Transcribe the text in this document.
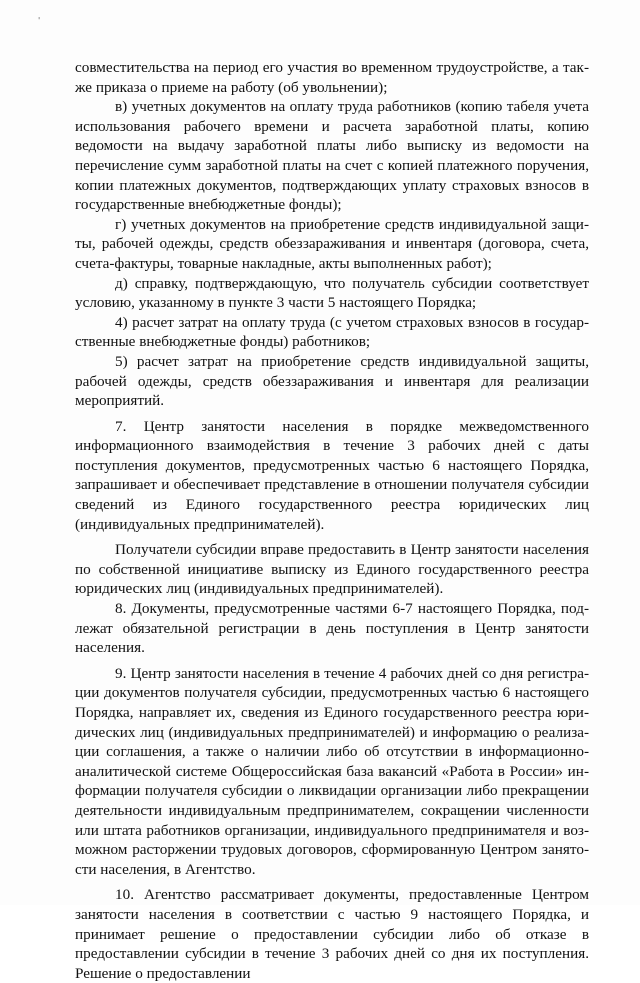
'

совместительства на период его участия во временном трудоустройстве, а также приказа о приеме на работу (об увольнении);

в) учетных документов на оплату труда работников (копию табеля учета использования рабочего времени и расчета заработной платы, копию ведомости на выдачу заработной платы либо выписку из ведомости на перечисление сумм заработной платы на счет с копией платежного поручения, копии платежных документов, подтверждающих уплату страховых взносов в государственные внебюджетные фонды);

г) учетных документов на приобретение средств индивидуальной защиты, рабочей одежды, средств обеззараживания и инвентаря (договора, счета, счета-фактуры, товарные накладные, акты выполненных работ);

д) справку, подтверждающую, что получатель субсидии соответствует условию, указанному в пункте 3 части 5 настоящего Порядка;

4) расчет затрат на оплату труда (с учетом страховых взносов в государственные внебюджетные фонды) работников;

5) расчет затрат на приобретение средств индивидуальной защиты, рабочей одежды, средств обеззараживания и инвентаря для реализации мероприятий.

7. Центр занятости населения в порядке межведомственного информационного взаимодействия в течение 3 рабочих дней с даты поступления документов, предусмотренных частью 6 настоящего Порядка, запрашивает и обеспечивает представление в отношении получателя субсидии сведений из Единого государственного реестра юридических лиц (индивидуальных предпринимателей).

Получатели субсидии вправе предоставить в Центр занятости населения по собственной инициативе выписку из Единого государственного реестра юридических лиц (индивидуальных предпринимателей).

8. Документы, предусмотренные частями 6-7 настоящего Порядка, подлежат обязательной регистрации в день поступления в Центр занятости населения.

9. Центр занятости населения в течение 4 рабочих дней со дня регистрации документов получателя субсидии, предусмотренных частью 6 настоящего Порядка, направляет их, сведения из Единого государственного реестра юридических лиц (индивидуальных предпринимателей) и информацию о реализации соглашения, а также о наличии либо об отсутствии в информационно-аналитической системе Общероссийская база вакансий «Работа в России» информации получателя субсидии о ликвидации организации либо прекращении деятельности индивидуальным предпринимателем, сокращении численности или штата работников организации, индивидуального предпринимателя и возможном расторжении трудовых договоров, сформированную Центром занятости населения, в Агентство.

10. Агентство рассматривает документы, предоставленные Центром занятости населения в соответствии с частью 9 настоящего Порядка, и принимает решение о предоставлении субсидии либо об отказе в предоставлении субсидии в течение 3 рабочих дней со дня их поступления. Решение о предоставлении
